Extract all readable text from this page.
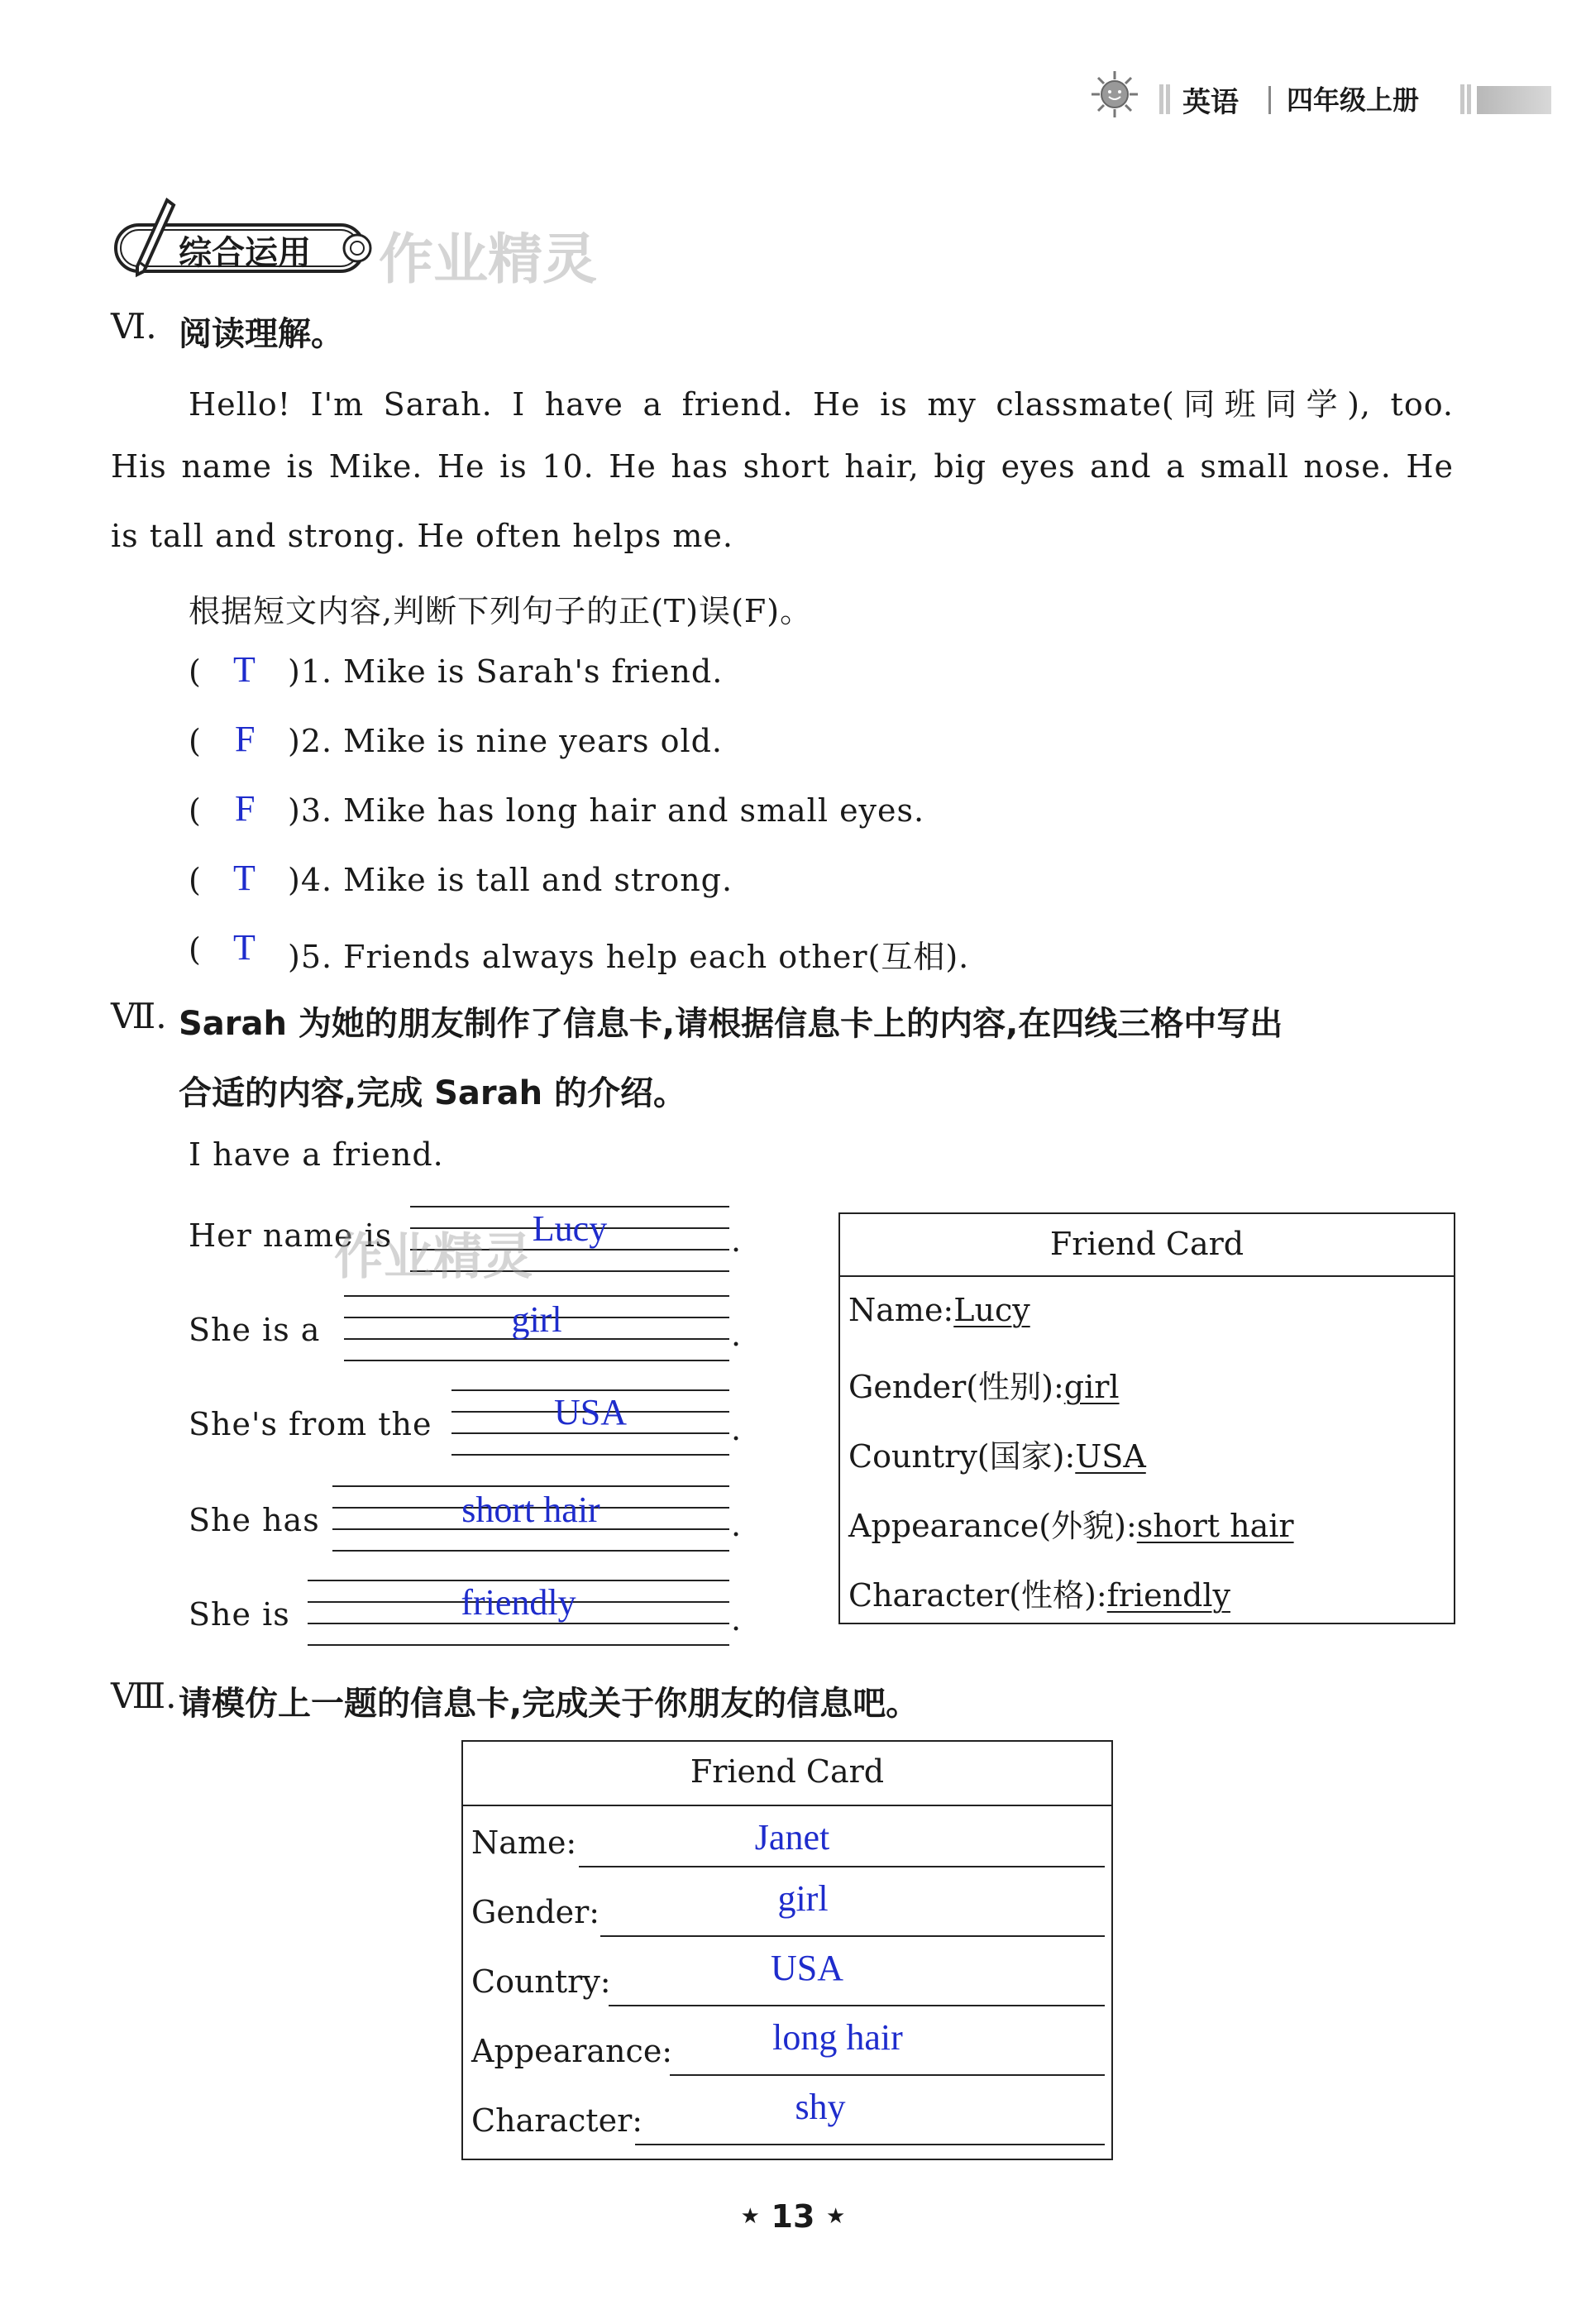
英语 四年级上册
综合运用 作业精灵
Ⅵ. 阅读理解。
Hello! I'm Sarah. I have a friend. He is my classmate(同班同学), too.
His name is Mike. He is 10. He has short hair, big eyes and a small nose. He
is tall and strong. He often helps me.
根据短文内容,判断下列句子的正(T)误(F)。
( T )1. Mike is Sarah's friend.
( F )2. Mike is nine years old.
( F )3. Mike has long hair and small eyes.
( T )4. Mike is tall and strong.
( T )5. Friends always help each other(互相).
Ⅶ. Sarah 为她的朋友制作了信息卡,请根据信息卡上的内容,在四线三格中写出
合适的内容,完成 Sarah 的介绍。
I have a friend.
Her name is	Lucy	.
She is a	girl	.
She's from the	USA	.
She has	short hair	.
She is	friendly	.
作业精灵	Friend Card
Name:Lucy
Gender(性别):girl
Country(国家):USA
Appearance(外貌):short hair
Character(性格):friendly
Ⅷ. 请模仿上一题的信息卡,完成关于你朋友的信息吧。
Friend Card
Name:	Janet
Gender:	girl
Country:	USA
Appearance:	long hair
Character:	shy
★ 13 ★
